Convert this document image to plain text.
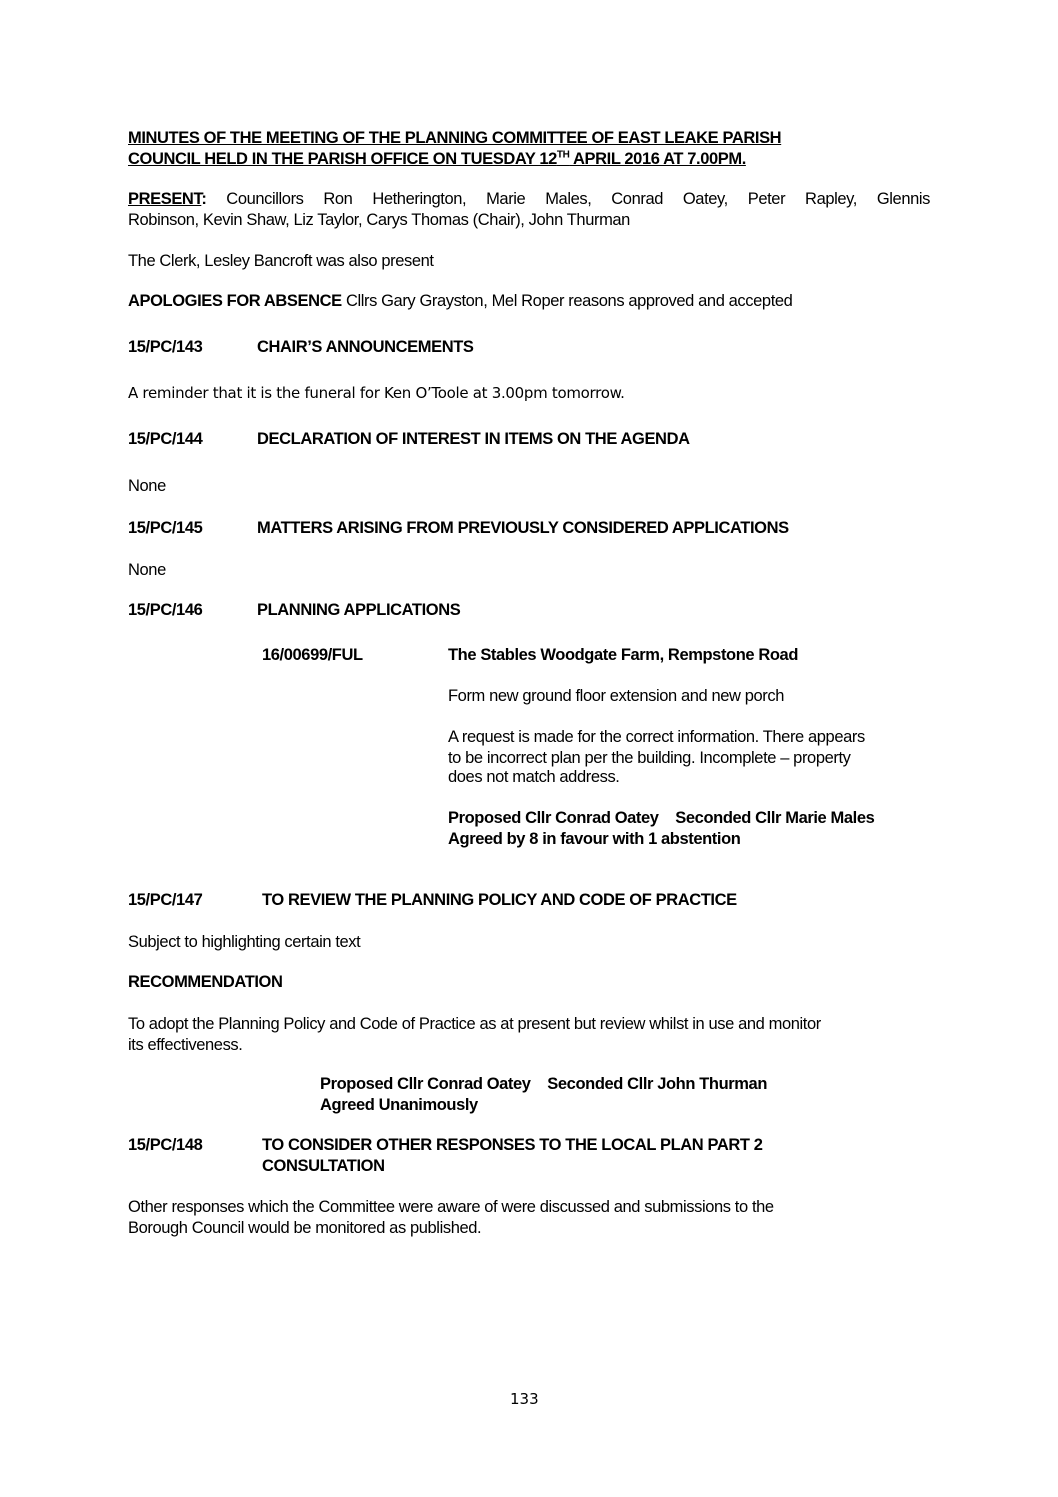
MINUTES OF THE MEETING OF THE PLANNING COMMITTEE OF EAST LEAKE PARISH
COUNCIL HELD IN THE PARISH OFFICE ON TUESDAY 12TH APRIL 2016 AT 7.00PM.
PRESENT: Councillors Ron Hetherington, Marie Males, Conrad Oatey, Peter Rapley, Glennis
Robinson, Kevin Shaw, Liz Taylor, Carys Thomas (Chair), John Thurman
The Clerk, Lesley Bancroft was also present
APOLOGIES FOR ABSENCE Cllrs Gary Grayston, Mel Roper reasons approved and accepted
15/PC/143	CHAIR’S ANNOUNCEMENTS
A reminder that it is the funeral for Ken O’Toole at 3.00pm tomorrow.
15/PC/144	DECLARATION OF INTEREST IN ITEMS ON THE AGENDA
None
15/PC/145	MATTERS ARISING FROM PREVIOUSLY CONSIDERED APPLICATIONS
None
15/PC/146	PLANNING APPLICATIONS
16/00699/FUL	The Stables Woodgate Farm, Rempstone Road
Form new ground floor extension and new porch
A request is made for the correct information. There appears
to be incorrect plan per the building. Incomplete – property
does not match address.
Proposed Cllr Conrad Oatey    Seconded Cllr Marie Males
Agreed by 8 in favour with 1 abstention
15/PC/147	TO REVIEW THE PLANNING POLICY AND CODE OF PRACTICE
Subject to highlighting certain text
RECOMMENDATION
To adopt the Planning Policy and Code of Practice as at present but review whilst in use and monitor
its effectiveness.
Proposed Cllr Conrad Oatey    Seconded Cllr John Thurman
Agreed Unanimously
15/PC/148	TO CONSIDER OTHER RESPONSES TO THE LOCAL PLAN PART 2
CONSULTATION
Other responses which the Committee were aware of were discussed and submissions to the
Borough Council would be monitored as published.
133
